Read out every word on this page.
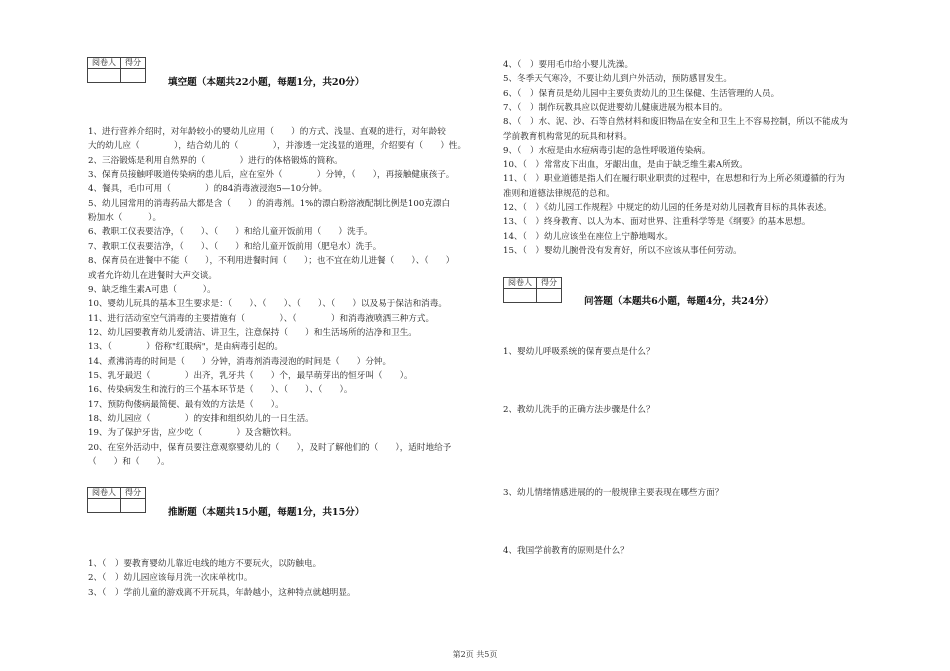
阅卷人	得分

填空题（本题共22小题，每题1分，共20分）
1、进行营养介绍时，对年龄较小的婴幼儿应用（　　）的方式、浅显、直观的进行，对年龄较
大的幼儿应（　　　　），结合幼儿的（　　　　），并渗透一定浅显的道理，介绍要有（　　）性。
2、三浴锻炼是利用自然界的（　　　　）进行的体格锻炼的简称。
3、保育员接触呼吸道传染病的患儿后，应在室外（　　　　）分钟，（　　），再接触健康孩子。
4、餐具，毛巾可用（　　　　）的84消毒液浸泡5—10分钟。
5、幼儿园常用的消毒药品大都是含（　　）的消毒剂。1%的漂白粉溶液配制比例是100克漂白
粉加水（　　　）。
6、教职工仪表要洁净，（　　）、（　　）和给儿童开饭前用（　　）洗手。
7、教职工仪表要洁净，（　　）、（　　）和给儿童开饭前用（肥皂水）洗手。
8、保育员在进餐中不能（　　），不利用进餐时间（　　）；也不宜在幼儿进餐（　　）、（　　）
或者允许幼儿在进餐时大声交谈。
9、缺乏维生素A可患（　　　）。
10、婴幼儿玩具的基本卫生要求是：（　　）、（　　）、（　　）、（　　）以及易于保洁和消毒。
11、进行活动室空气消毒的主要措施有（　　　　）、（　　　　）和消毒液喷洒三种方式。
12、幼儿园要教育幼儿爱清洁、讲卫生，注意保持（　　）和生活场所的洁净和卫生。
13、（　　　　）俗称"红眼病"，是由病毒引起的。
14、煮沸消毒的时间是（　　）分钟，消毒剂消毒浸泡的时间是（　　）分钟。
15、乳牙最迟（　　　　）出齐，乳牙共（　　）个，最早萌芽出的恒牙叫（　　）。
16、传染病发生和流行的三个基本环节是（　　）、（　　）、（　　）。
17、预防佝偻病最简便、最有效的方法是（　　）。
18、幼儿园应（　　　　）的安排和组织幼儿的一日生活。
19、为了保护牙齿，应少吃（　　　　）及含糖饮料。
20、在室外活动中，保育员要注意观察婴幼儿的（　　），及时了解他们的（　　），适时地给予
（　　）和（　　）。
阅卷人	得分

推断题（本题共15小题，每题1分，共15分）
1、（　）要教育婴幼儿靠近电线的地方不要玩火，以防触电。
2、（　）幼儿园应该每月洗一次床单枕巾。
3、（　）学前儿童的游戏离不开玩具，年龄越小，这种特点就越明显。
4、（　）要用毛巾给小婴儿洗澡。
5、冬季天气寒冷，不要让幼儿到户外活动，预防感冒发生。
6、（　）保育员是幼儿园中主要负责幼儿的卫生保健、生活管理的人员。
7、（　）制作玩教具应以促进婴幼儿健康进展为根本目的。
8、（　）水、泥、沙、石等自然材料和废旧物品在安全和卫生上不容易控制，所以不能成为
学前教育机构常见的玩具和材料。
9、（　）水痘是由水痘病毒引起的急性呼吸道传染病。
10、（　）常常皮下出血，牙龈出血，是由于缺乏维生素A所致。
11、（　）职业道德是指人们在履行职业职责的过程中，在思想和行为上所必须遵循的行为
准则和道德法律规范的总和。
12、（　）《幼儿园工作规程》中规定的幼儿园的任务是对幼儿园教育目标的具体表述。
13、（　）终身教育、以人为本、面对世界、注重科学等是《纲要》的基本思想。
14、（　）幼儿应该坐在座位上宁静地喝水。
15、（　）婴幼儿腕骨没有发育好，所以不应该从事任何劳动。
阅卷人	得分

问答题（本题共6小题，每题4分，共24分）
1、婴幼儿呼吸系统的保育要点是什么？
2、教幼儿洗手的正确方法步骤是什么？
3、幼儿情绪情感进展的的一般规律主要表现在哪些方面？
4、我国学前教育的原则是什么？
第2页 共5页
